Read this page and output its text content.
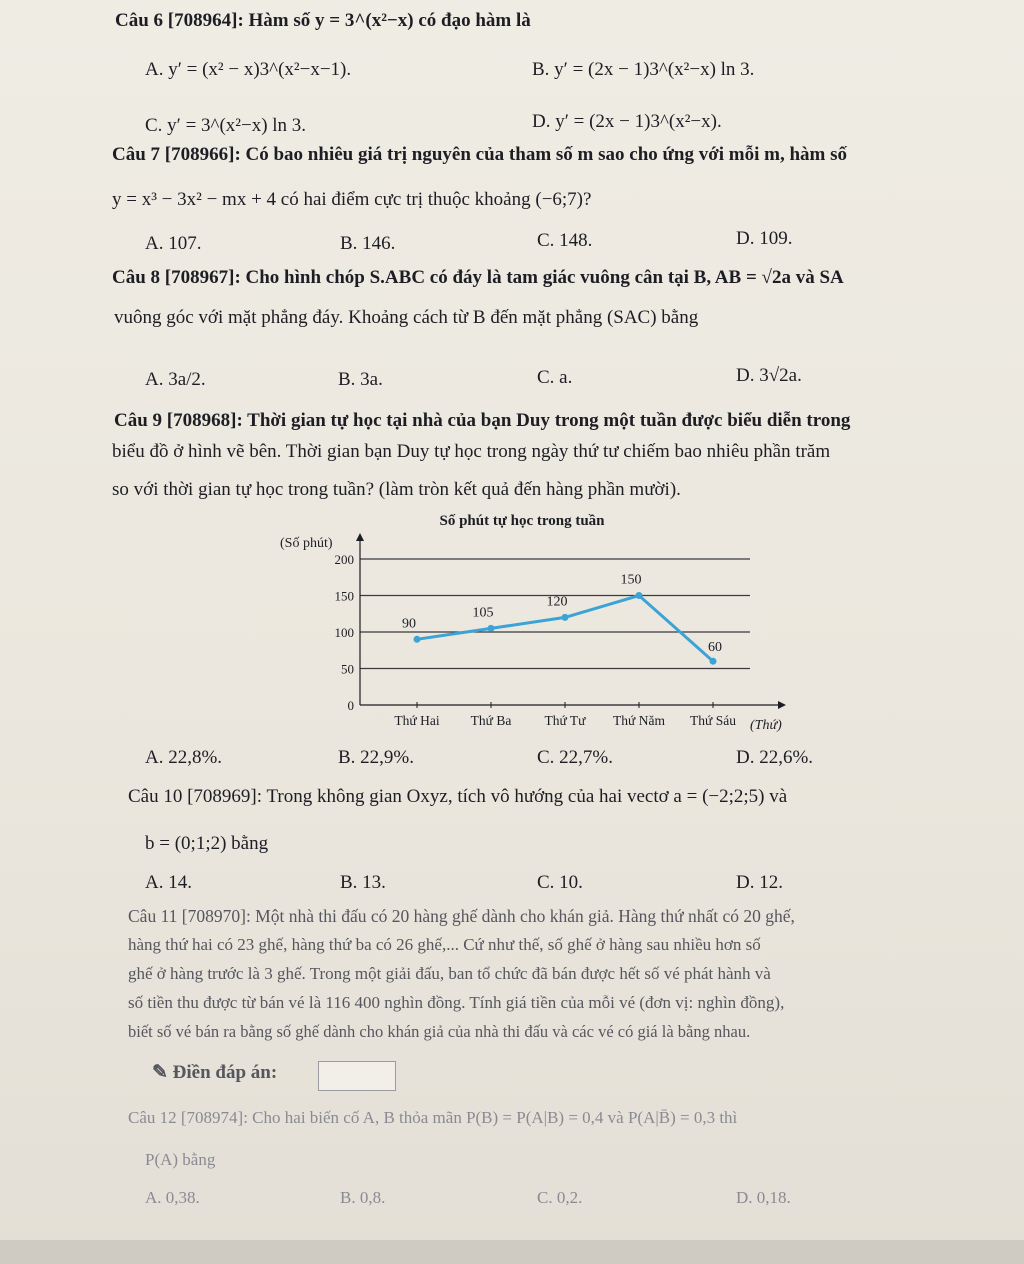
Câu 6 [708964]: Hàm số y = 3^(x²−x) có đạo hàm là
A. y′ = (x² − x)3^(x²−x−1).	B. y′ = (2x − 1)3^(x²−x) ln 3.
C. y′ = 3^(x²−x) ln 3.	D. y′ = (2x − 1)3^(x²−x).
Câu 7 [708966]: Có bao nhiêu giá trị nguyên của tham số m sao cho ứng với mỗi m, hàm số
y = x³ − 3x² − mx + 4 có hai điểm cực trị thuộc khoảng (−6;7)?
A. 107.	B. 146.	C. 148.	D. 109.
Câu 8 [708967]: Cho hình chóp S.ABC có đáy là tam giác vuông cân tại B, AB = √2a và SA
vuông góc với mặt phẳng đáy. Khoảng cách từ B đến mặt phẳng (SAC) bằng
A. 3a/2.	B. 3a.	C. a.	D. 3√2a.
Câu 9 [708968]: Thời gian tự học tại nhà của bạn Duy trong một tuần được biểu diễn trong
biểu đồ ở hình vẽ bên. Thời gian bạn Duy tự học trong ngày thứ tư chiếm bao nhiêu phần trăm
so với thời gian tự học trong tuần? (làm tròn kết quả đến hàng phần mười).
Số phút tự học trong tuần
(Số phút)
(Thứ)
0
50
100
150
200
Thứ Hai Thứ Ba Thứ Tư Thứ Năm Thứ Sáu
90
105
120
150
60
A. 22,8%.	B. 22,9%.	C. 22,7%.	D. 22,6%.
Câu 10 [708969]: Trong không gian Oxyz, tích vô hướng của hai vectơ a = (−2;2;5) và
b = (0;1;2) bằng
A. 14.	B. 13.	C. 10.	D. 12.
Câu 11 [708970]: Một nhà thi đấu có 20 hàng ghế dành cho khán giả. Hàng thứ nhất có 20 ghế,
hàng thứ hai có 23 ghế, hàng thứ ba có 26 ghế,... Cứ như thế, số ghế ở hàng sau nhiều hơn số
ghế ở hàng trước là 3 ghế. Trong một giải đấu, ban tổ chức đã bán được hết số vé phát hành và
số tiền thu được từ bán vé là 116 400 nghìn đồng. Tính giá tiền của mỗi vé (đơn vị: nghìn đồng),
biết số vé bán ra bằng số ghế dành cho khán giả của nhà thi đấu và các vé có giá là bằng nhau.
✎ Điền đáp án:
Câu 12 [708974]: Cho hai biến cố A, B thỏa mãn P(B) = P(A|B) = 0,4 và P(A|B̄) = 0,3 thì
P(A) bằng
A. 0,38.	B. 0,8.	C. 0,2.	D. 0,18.
